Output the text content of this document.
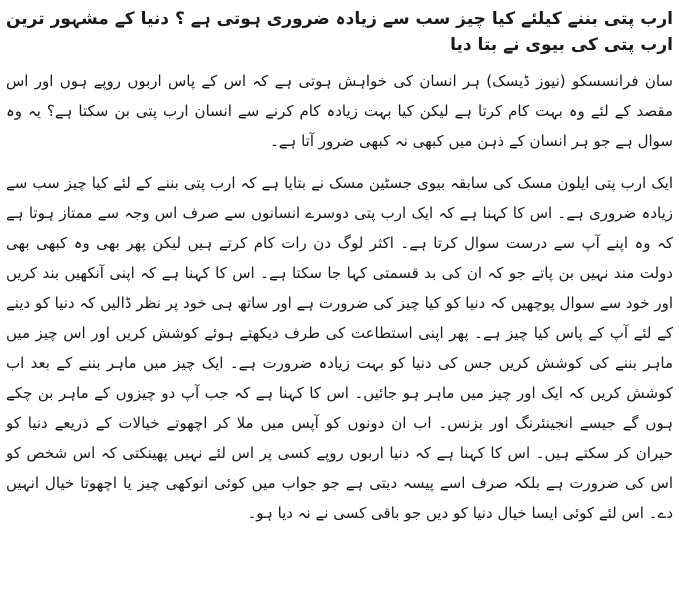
ارب پتی بننے کیلئے کیا چیز سب سے زیادہ ضروری ہوتی ہے ؟ دنیا کے مشہور ترین ارب پتی کی بیوی نے بتا دیا

سان فرانسسکو (نیوز ڈیسک) ہر انسان کی خواہش ہوتی ہے کہ اس کے پاس اربوں روپے ہوں اور اس مقصد کے لئے وہ بہت کام کرتا ہے لیکن کیا بہت زیادہ کام کرنے سے انسان ارب پتی بن سکتا ہے؟ یہ وہ سوال ہے جو ہر انسان کے ذہن میں کبھی نہ کبھی ضرور آتا ہے۔

ایک ارب پتی ایلون مسک کی سابقہ بیوی جسٹین مسک نے بتایا ہے کہ ارب پتی بننے کے لئے کیا چیز سب سے زیادہ ضروری ہے۔ اس کا کہنا ہے کہ ایک ارب پتی دوسرے انسانوں سے صرف اس وجہ سے ممتاز ہوتا ہے کہ وہ اپنے آپ سے درست سوال کرتا ہے۔ اکثر لوگ دن رات کام کرتے ہیں لیکن پھر بھی وہ کبھی بھی دولت مند نہیں بن پاتے جو کہ ان کی بد قسمتی کہا جا سکتا ہے۔ اس کا کہنا ہے کہ اپنی آنکھیں بند کریں اور خود سے سوال پوچھیں کہ دنیا کو کیا چیز کی ضرورت ہے اور ساتھ ہی خود پر نظر ڈالیں کہ دنیا کو دینے کے لئے آپ کے پاس کیا چیز ہے۔ پھر اپنی استطاعت کی طرف دیکھتے ہوئے کوشش کریں اور اس چیز میں ماہر بننے کی کوشش کریں جس کی دنیا کو بہت زیادہ ضرورت ہے۔ ایک چیز میں ماہر بننے کے بعد اب کوشش کریں کہ ایک اور چیز میں ماہر ہو جائیں۔ اس کا کہنا ہے کہ جب آپ دو چیزوں کے ماہر بن چکے ہوں گے جیسے انجینئرنگ اور بزنس۔ اب ان دونوں کو آپس میں ملا کر اچھوتے خیالات کے ذریعے دنیا کو حیران کر سکتے ہیں۔ اس کا کہنا ہے کہ دنیا اربوں روپے کسی پر اس لئے نہیں پھینکتی کہ اس شخص کو اس کی ضرورت ہے بلکہ صرف اسے پیسہ دیتی ہے جو جواب میں کوئی انوکھی چیز یا اچھوتا خیال انہیں دے۔ اس لئے کوئی ایسا خیال دنیا کو دیں جو باقی کسی نے نہ دیا ہو۔
